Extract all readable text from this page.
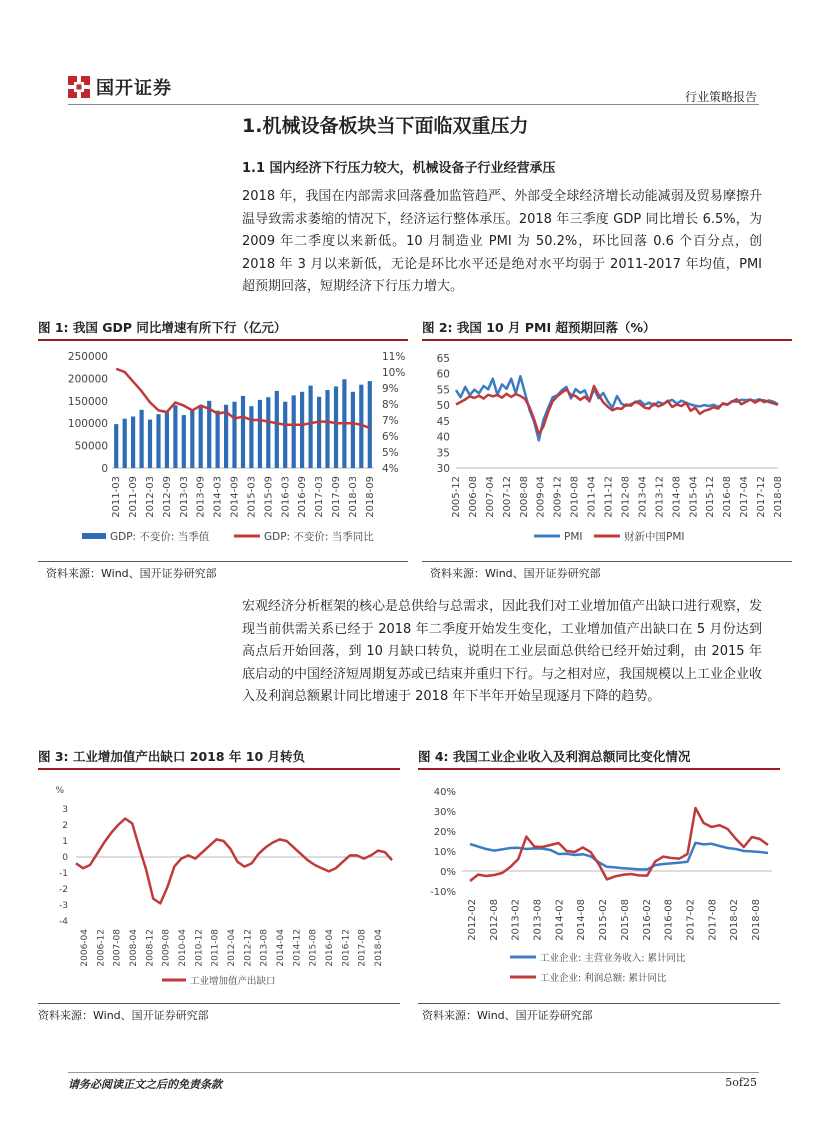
国开证券	行业策略报告
1.机械设备板块当下面临双重压力
1.1 国内经济下行压力较大，机械设备子行业经营承压
2018 年，我国在内部需求回落叠加监管趋严、外部受全球经济增长动能减弱及贸易摩擦升温导致需求萎缩的情况下，经济运行整体承压。2018 年三季度 GDP 同比增长 6.5%，为 2009 年二季度以来新低。10 月制造业 PMI 为 50.2%，环比回落 0.6 个百分点，创 2018 年 3 月以来新低，无论是环比水平还是绝对水平均弱于 2011-2017 年均值，PMI 超预期回落，短期经济下行压力增大。
图 1: 我国 GDP 同比增速有所下行（亿元）
250000
200000
150000
100000
50000
0
11%
10%
9%
8%
7%
6%
5%
4%
2011-03 2011-09 2012-03 2012-09 2013-03 2013-09 2014-03 2014-09 2015-03 2015-09 2016-03 2016-09 2017-03 2017-09 2018-03 2018-09
GDP: 不变价: 当季值	GDP: 不变价: 当季同比
资料来源：Wind、国开证券研究部
图 2: 我国 10 月 PMI 超预期回落（%）
65
60
55
50
45
40
35
30
2005-12 2006-08 2007-04 2007-12 2008-08 2009-04 2009-12 2010-08 2011-04 2011-12 2012-08 2013-04 2013-12 2014-08 2015-04 2015-12 2016-08 2017-04 2017-12 2018-08
PMI	财新中国PMI
资料来源：Wind、国开证券研究部
宏观经济分析框架的核心是总供给与总需求，因此我们对工业增加值产出缺口进行观察，发现当前供需关系已经于 2018 年二季度开始发生变化，工业增加值产出缺口在 5 月份达到高点后开始回落，到 10 月缺口转负，说明在工业层面总供给已经开始过剩，由 2015 年底启动的中国经济短周期复苏或已结束并重归下行。与之相对应，我国规模以上工业企业收入及利润总额累计同比增速于 2018 年下半年开始呈现逐月下降的趋势。
图 3: 工业增加值产出缺口 2018 年 10 月转负
%
3
2
1
0
-1
-2
-3
-4
2006-04 2006-12 2007-08 2008-04 2008-12 2009-08 2010-04 2010-12 2011-08 2012-04 2012-12 2013-08 2014-04 2014-12 2015-08 2016-04 2016-12 2017-08 2018-04
工业增加值产出缺口
资料来源：Wind、国开证券研究部
图 4: 我国工业企业收入及利润总额同比变化情况
40%
30%
20%
10%
0%
-10%
2012-02 2012-08 2013-02 2013-08 2014-02 2014-08 2015-02 2015-08 2016-02 2016-08 2017-02 2017-08 2018-02 2018-08
工业企业: 主营业务收入: 累计同比
工业企业: 利润总额: 累计同比
资料来源：Wind、国开证券研究部
请务必阅读正文之后的免责条款	5of25
